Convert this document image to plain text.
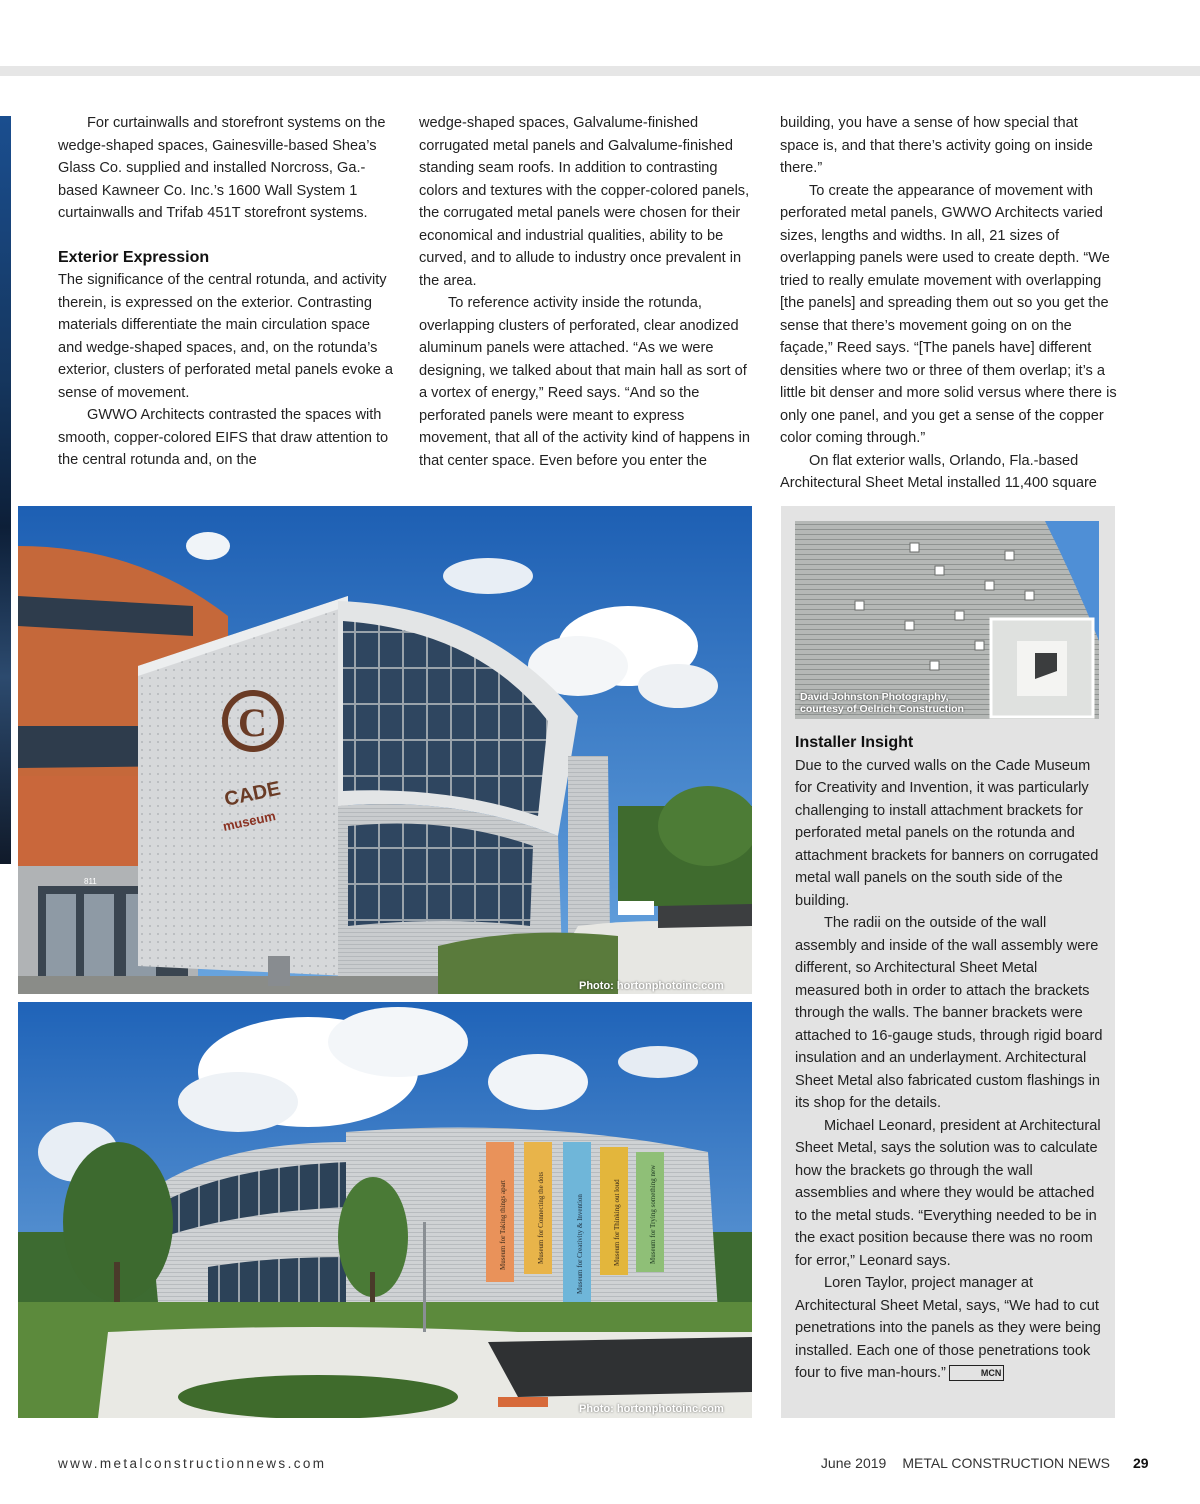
For curtainwalls and storefront systems on the wedge-shaped spaces, Gainesville-based Shea’s Glass Co. supplied and installed Norcross, Ga.-based Kawneer Co. Inc.’s 1600 Wall System 1 curtainwalls and Trifab 451T storefront systems.

Exterior Expression

The significance of the central rotunda, and activity therein, is expressed on the exterior. Contrasting materials differentiate the main circulation space and wedge-shaped spaces, and, on the rotunda’s exterior, clusters of perforated metal panels evoke a sense of movement.

GWWO Architects contrasted the spaces with smooth, copper-colored EIFS that draw attention to the central rotunda and, on the

wedge-shaped spaces, Galvalume-finished corrugated metal panels and Galvalume-finished standing seam roofs. In addition to contrasting colors and textures with the copper-colored panels, the corrugated metal panels were chosen for their economical and industrial qualities, ability to be curved, and to allude to industry once prevalent in the area.

To reference activity inside the rotunda, overlapping clusters of perforated, clear anodized aluminum panels were attached. “As we were designing, we talked about that main hall as sort of a vortex of energy,” Reed says. “And so the perforated panels were meant to express movement, that all of the activity kind of happens in that center space. Even before you enter the

building, you have a sense of how special that space is, and that there’s activity going on inside there.”

To create the appearance of movement with perforated metal panels, GWWO Architects varied sizes, lengths and widths. In all, 21 sizes of overlapping panels were used to create depth. “We tried to really emulate movement with overlapping [the panels] and spreading them out so you get the sense that there’s movement going on on the façade,” Reed says. “[The panels have] different densities where two or three of them overlap; it’s a little bit denser and more solid versus where there is only one panel, and you get a sense of the copper color coming through.”

On flat exterior walls, Orlando, Fla.-based Architectural Sheet Metal installed 11,400 square

811
C
CADE
museum
Photo: hortonphotoinc.com
Museum for Taking things apart	Museum for Connecting the dots	Museum for Creativity & Invention	Museum for Thinking out loud	Museum for Trying something new
Photo: hortonphotoinc.com
David Johnston Photography,
courtesy of Oelrich Construction

Installer Insight

Due to the curved walls on the Cade Museum for Creativity and Invention, it was particularly challenging to install attachment brackets for perforated metal panels on the rotunda and attachment brackets for banners on corrugated metal wall panels on the south side of the building.

The radii on the outside of the wall assembly and inside of the wall assembly were different, so Architectural Sheet Metal measured both in order to attach the brackets through the walls. The banner brackets were attached to 16-gauge studs, through rigid board insulation and an underlayment. Architectural Sheet Metal also fabricated custom flashings in its shop for the details.

Michael Leonard, president at Architectural Sheet Metal, says the solution was to calculate how the brackets go through the wall assemblies and where they would be attached to the metal studs. “Everything needed to be in the exact position because there was no room for error,” Leonard says.

Loren Taylor, project manager at Architectural Sheet Metal, says, “We had to cut penetrations into the panels as they were being installed. Each one of those penetrations took four to five man-hours.”	MCN

www.metalconstructionnews.com	June 2019 METAL CONSTRUCTION NEWS 29
